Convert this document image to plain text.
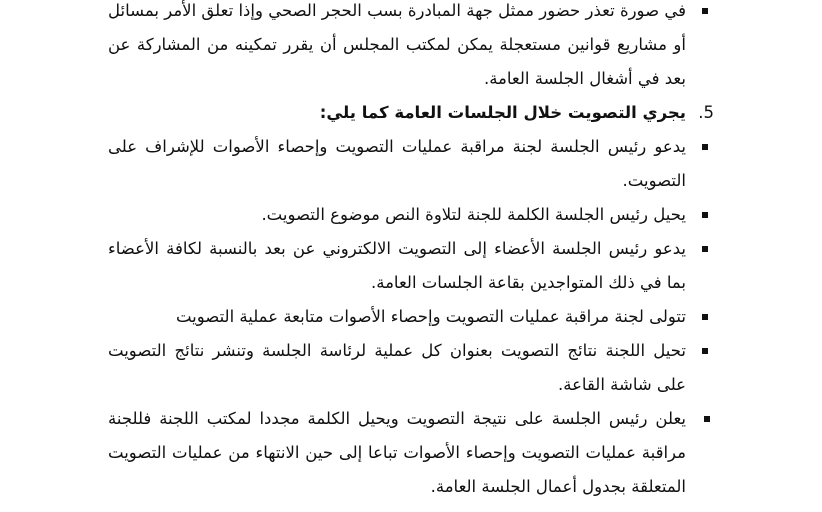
في صورة تعذر حضور ممثل جهة المبادرة بسب الحجر الصحي وإذا تعلق الأمر بمسائل أو مشاريع قوانين مستعجلة يمكن لمكتب المجلس أن يقرر تمكينه من المشاركة عن بعد في أشغال الجلسة العامة.
5.
يجري التصويت خلال الجلسات العامة كما يلي:
يدعو رئيس الجلسة لجنة مراقبة عمليات التصويت وإحصاء الأصوات للإشراف على التصويت.
يحيل رئيس الجلسة الكلمة للجنة لتلاوة النص موضوع التصويت.
يدعو رئيس الجلسة الأعضاء إلى التصويت الالكتروني عن بعد بالنسبة لكافة الأعضاء بما في ذلك المتواجدين بقاعة الجلسات العامة.
تتولى لجنة مراقبة عمليات التصويت وإحصاء الأصوات متابعة عملية التصويت
تحيل اللجنة نتائج التصويت بعنوان كل عملية لرئاسة الجلسة وتنشر نتائج التصويت على شاشة القاعة.
يعلن رئيس الجلسة على نتيجة التصويت ويحيل الكلمة مجددا لمكتب اللجنة فللجنة مراقبة عمليات التصويت وإحصاء الأصوات تباعا إلى حين الانتهاء من عمليات التصويت المتعلقة بجدول أعمال الجلسة العامة.
